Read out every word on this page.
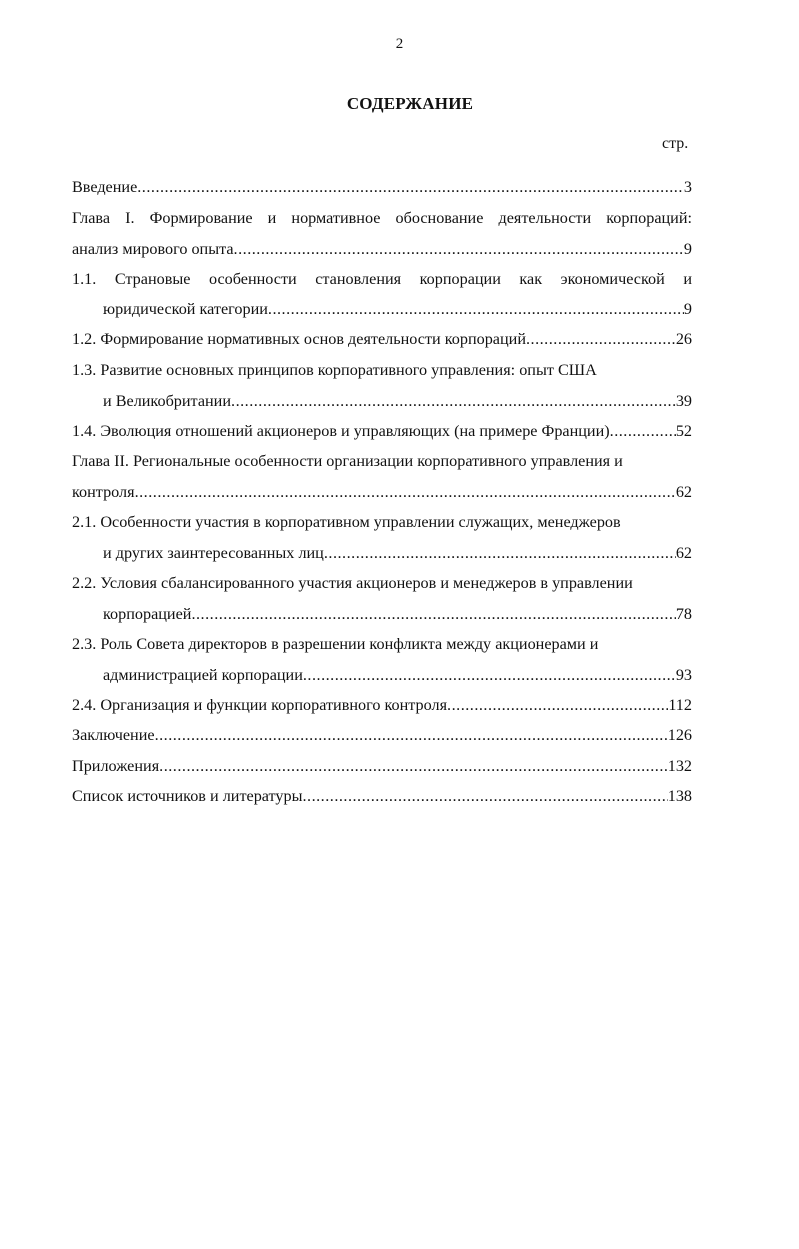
2
СОДЕРЖАНИЕ
стр.
Введение .....	3
Глава I. Формирование и нормативное обоснование деятельности корпораций:
анализ мирового опыта .....	9
1.1. Страновые особенности становления корпорации как экономической и
юридической категории .....	9
1.2. Формирование нормативных основ деятельности корпораций .....	26
1.3. Развитие основных принципов корпоративного управления: опыт США
и Великобритании .....	39
1.4. Эволюция отношений акционеров и управляющих (на примере Франции) .....	52
Глава II. Региональные особенности организации корпоративного управления и
контроля .....	62
2.1. Особенности участия в корпоративном управлении служащих, менеджеров
и других заинтересованных лиц .....	62
2.2. Условия сбалансированного участия акционеров и менеджеров в управлении
корпорацией .....	78
2.3. Роль Совета директоров в разрешении конфликта между акционерами и
администрацией корпорации .....	93
2.4. Организация и функции корпоративного контроля .....	112
Заключение .....	126
Приложения .....	132
Список источников и литературы .....	138
